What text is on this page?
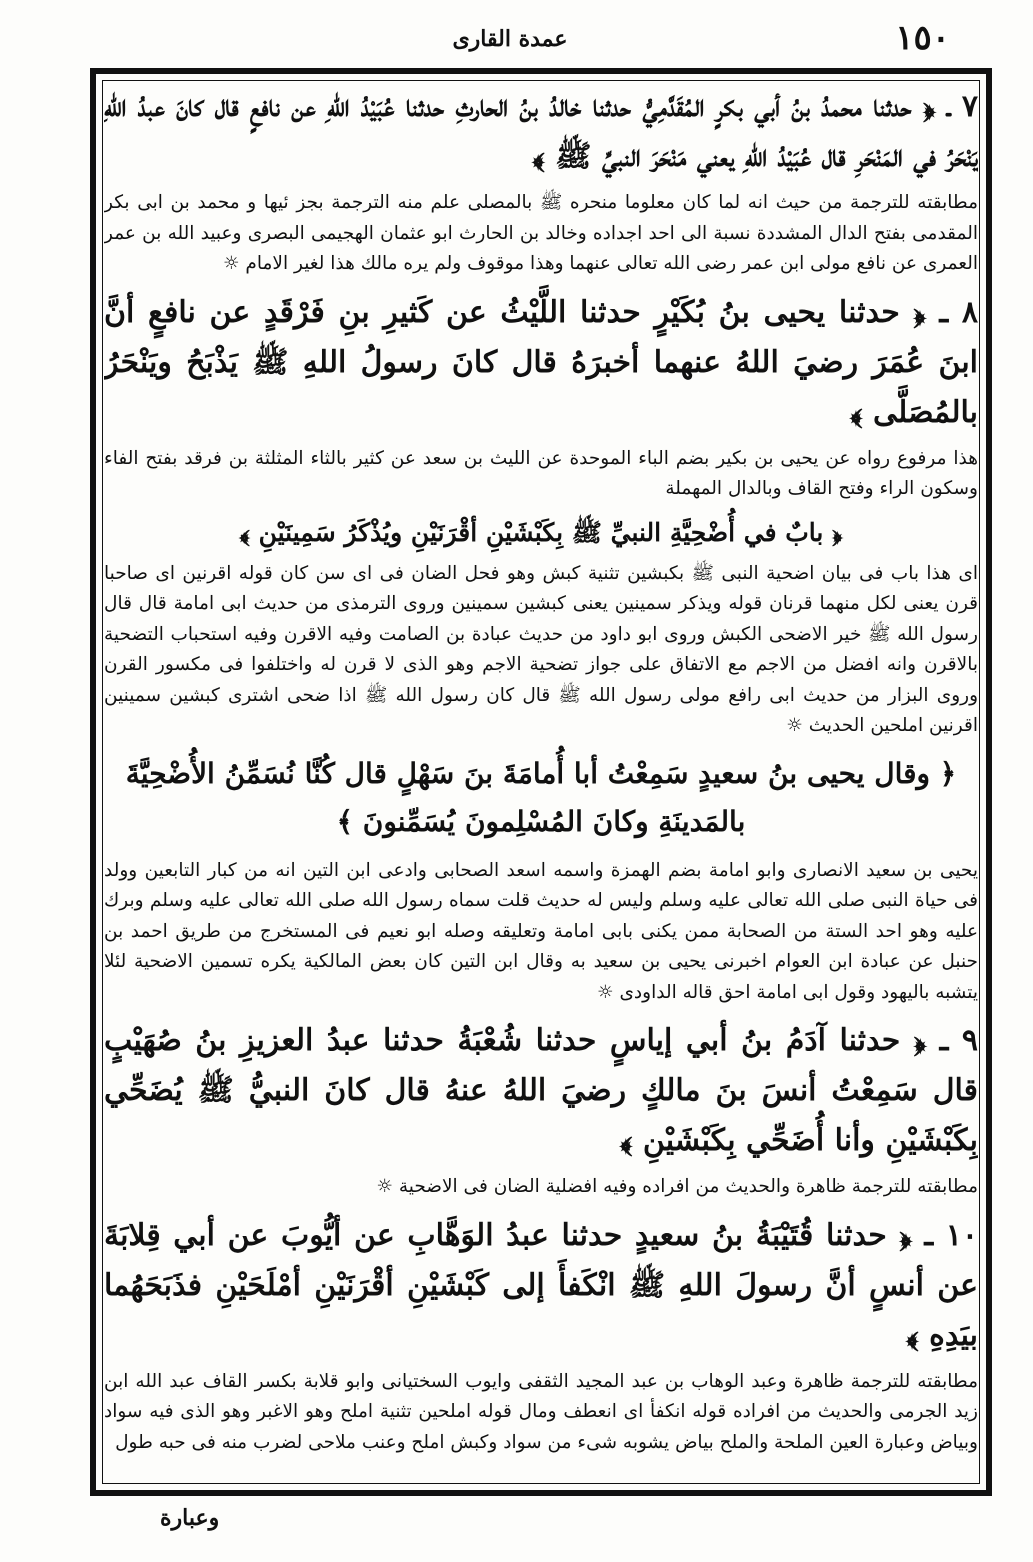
١٥٠
عمدة القارى

٧ ـ ﴿ حدثنا محمدُ بنُ أبي بكرٍ المُقَدَّمِيُّ حدثنا خالدُ بنُ الحارثِ حدثنا عُبَيْدُ اللهِ عن نافعٍ قال كانَ عبدُ اللهِ يَنْحَرُ في المَنْحَرِ قال عُبَيْدُ اللهِ يعني مَنْحَرَ النبيِّ ﷺ ﴾

مطابقته للترجمة من حيث انه لما كان معلوما منحره ﷺ بالمصلى علم منه الترجمة بجز ئيها و محمد بن ابى بكر المقدمى بفتح الدال المشددة نسبة الى احد اجداده وخالد بن الحارث ابو عثمان الهجيمى البصرى وعبيد الله بن عمر العمرى عن نافع مولى ابن عمر رضى الله تعالى عنهما وهذا موقوف ولم يره مالك هذا لغير الامام ☼

٨ ـ ﴿ حدثنا يحيى بنُ بُكَيْرٍ حدثنا اللَّيْثُ عن كَثيرِ بنِ فَرْقَدٍ عن نافعٍ أنَّ ابنَ عُمَرَ رضيَ اللهُ عنهما أخبرَهُ قال كانَ رسولُ اللهِ ﷺ يَذْبَحُ ويَنْحَرُ بالمُصَلَّى ﴾

هذا مرفوع رواه عن يحيى بن بكير بضم الباء الموحدة عن الليث بن سعد عن كثير بالثاء المثلثة بن فرقد بفتح الفاء وسكون الراء وفتح القاف وبالدال المهملة

﴿ بابٌ في أُضْحِيَّةِ النبيِّ ﷺ بِكَبْشَيْنِ أقْرَنَيْنِ ويُذْكَرُ سَمِينَيْنِ ﴾

اى هذا باب فى بيان اضحية النبى ﷺ بكبشين تثنية كبش وهو فحل الضان فى اى سن كان قوله اقرنين اى صاحبا قرن يعنى لكل منهما قرنان قوله ويذكر سمينين يعنى كبشين سمينين وروى الترمذى من حديث ابى امامة قال قال رسول الله ﷺ خير الاضحى الكبش وروى ابو داود من حديث عبادة بن الصامت وفيه الاقرن وفيه استحباب التضحية بالاقرن وانه افضل من الاجم مع الاتفاق على جواز تضحية الاجم وهو الذى لا قرن له واختلفوا فى مكسور القرن وروى البزار من حديث ابى رافع مولى رسول الله ﷺ قال كان رسول الله ﷺ اذا ضحى اشترى كبشين سمينين اقرنين املحين الحديث ☼

﴿ وقال يحيى بنُ سعيدٍ سَمِعْتُ أبا أُمامَةَ بنَ سَهْلٍ قال كُنَّا نُسَمِّنُ الأُضْحِيَّةَ بالمَدينَةِ وكانَ المُسْلِمونَ يُسَمِّنونَ ﴾

يحيى بن سعيد الانصارى وابو امامة بضم الهمزة واسمه اسعد الصحابى وادعى ابن التين انه من كبار التابعين وولد فى حياة النبى صلى الله تعالى عليه وسلم وليس له حديث قلت سماه رسول الله صلى الله تعالى عليه وسلم وبرك عليه وهو احد الستة من الصحابة ممن يكنى بابى امامة وتعليقه وصله ابو نعيم فى المستخرج من طريق احمد بن حنبل عن عبادة ابن العوام اخبرنى يحيى بن سعيد به وقال ابن التين كان بعض المالكية يكره تسمين الاضحية لئلا يتشبه باليهود وقول ابى امامة احق قاله الداودى ☼

٩ ـ ﴿ حدثنا آدَمُ بنُ أبي إياسٍ حدثنا شُعْبَةُ حدثنا عبدُ العزيزِ بنُ صُهَيْبٍ قال سَمِعْتُ أنسَ بنَ مالكٍ رضيَ اللهُ عنهُ قال كانَ النبيُّ ﷺ يُضَحِّي بِكَبْشَيْنِ وأنا أُضَحِّي بِكَبْشَيْنِ ﴾

مطابقته للترجمة ظاهرة والحديث من افراده وفيه افضلية الضان فى الاضحية ☼

١٠ ـ ﴿ حدثنا قُتَيْبَةُ بنُ سعيدٍ حدثنا عبدُ الوَهَّابِ عن أيُّوبَ عن أبي قِلابَةَ عن أنسٍ أنَّ رسولَ اللهِ ﷺ انْكَفأَ إلى كَبْشَيْنِ أقْرَنَيْنِ أمْلَحَيْنِ فذَبَحَهُما بيَدِهِ ﴾

مطابقته للترجمة ظاهرة وعبد الوهاب بن عبد المجيد الثقفى وايوب السختيانى وابو قلابة بكسر القاف عبد الله ابن زيد الجرمى والحديث من افراده قوله انكفأ اى انعطف ومال قوله املحين تثنية املح وهو الاغبر وهو الذى فيه سواد وبياض وعبارة العين الملحة والملح بياض يشوبه شىء من سواد وكبش املح وعنب ملاحى لضرب منه فى حبه طول

وعبارة
